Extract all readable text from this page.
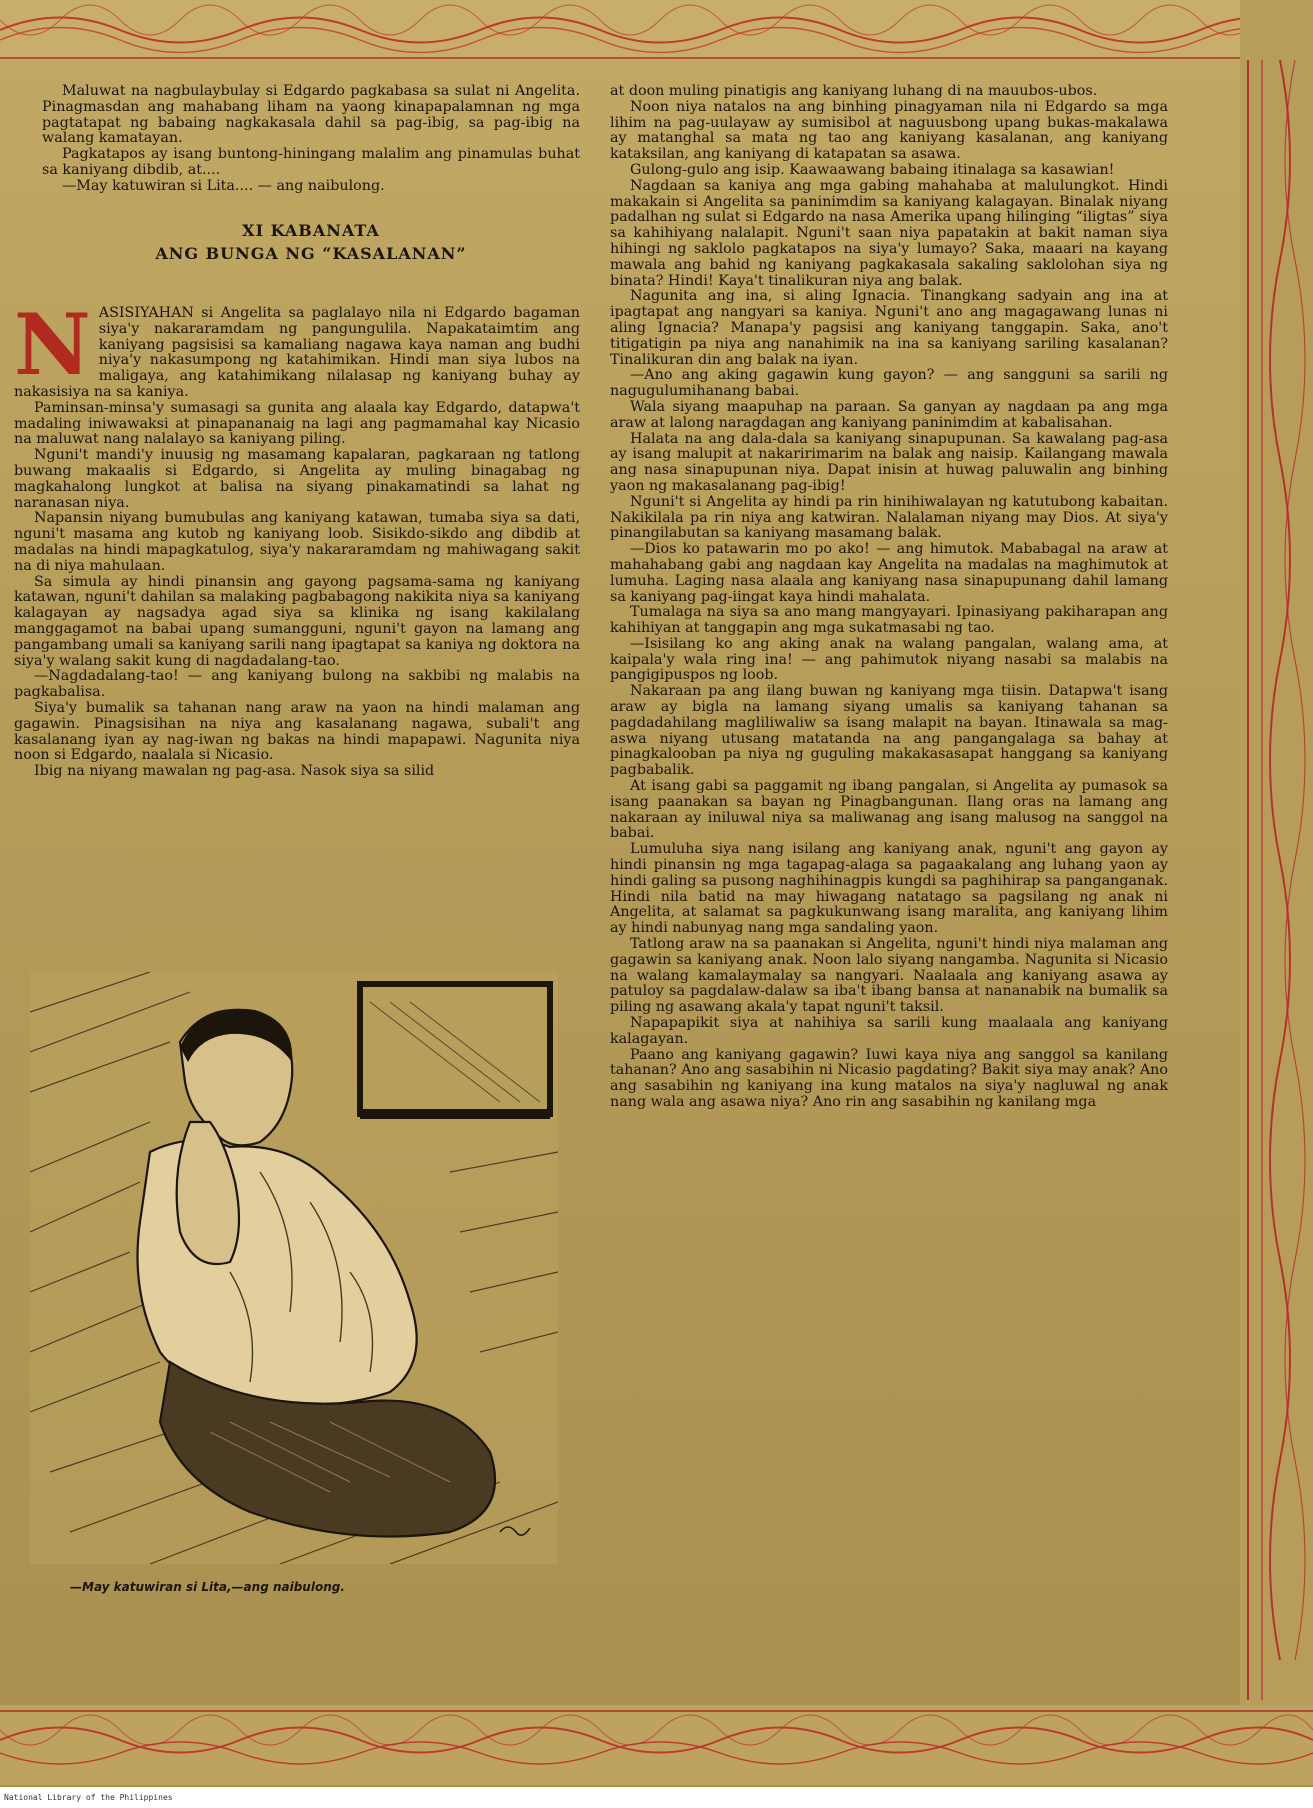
Maluwat na nagbulaybulay si Edgardo pagkabasa sa sulat ni Angelita. Pinagmasdan ang mahabang liham na yaong kinapapalamnan ng mga pagtatapat ng babaing nagkakasala dahil sa pag-ibig, sa pag-ibig na walang kamatayan.

Pagkatapos ay isang buntong-hiningang malalim ang pinamulas buhat sa kaniyang dibdib, at....

—May katuwiran si Lita.... — ang naibulong.

XI KABANATA
ANG BUNGA NG “KASALANAN”

NASISIYAHAN si Angelita sa paglalayo nila ni Edgardo bagaman siya'y nakararamdam ng pangungulila. Napakataimtim ang kaniyang pagsisisi sa kamaliang nagawa kaya naman ang budhi niya'y nakasumpong ng katahimikan. Hindi man siya lubos na maligaya, ang katahimikang nilalasap ng kaniyang buhay ay nakasisiya na sa kaniya.

Paminsan-minsa'y sumasagi sa gunita ang alaala kay Edgardo, datapwa't madaling iniwawaksi at pinapananaig na lagi ang pagmamahal kay Nicasio na maluwat nang nalalayo sa kaniyang piling.

Nguni't mandi'y inuusig ng masamang kapalaran, pagkaraan ng tatlong buwang makaalis si Edgardo, si Angelita ay muling binagabag ng magkahalong lungkot at balisa na siyang pinakamatindi sa lahat ng naranasan niya.

Napansin niyang bumubulas ang kaniyang katawan, tumaba siya sa dati, nguni't masama ang kutob ng kaniyang loob. Sisikdo-sikdo ang dibdib at madalas na hindi mapagkatulog, siya'y nakararamdam ng mahiwagang sakit na di niya mahulaan.

Sa simula ay hindi pinansin ang gayong pagsama-sama ng kaniyang katawan, nguni't dahilan sa malaking pagbabagong nakikita niya sa kaniyang kalagayan ay nagsadya agad siya sa klinika ng isang kakilalang manggagamot na babai upang sumangguni, nguni't gayon na lamang ang pangambang umali sa kaniyang sarili nang ipagtapat sa kaniya ng doktora na siya'y walang sakit kung di nagdadalang-tao.

—Nagdadalang-tao! — ang kaniyang bulong na sakbibi ng malabis na pagkabalisa.

Siya'y bumalik sa tahanan nang araw na yaon na hindi malaman ang gagawin. Pinagsisihan na niya ang kasalanang nagawa, subali't ang kasalanang iyan ay nag-iwan ng bakas na hindi mapapawi. Nagunita niya noon si Edgardo, naalala si Nicasio.

Ibig na niyang mawalan ng pag-asa. Nasok siya sa silid

—May katuwiran si Lita,—ang naibulong.

at doon muling pinatigis ang kaniyang luhang di na mauubos-ubos.

Noon niya natalos na ang binhing pinagyaman nila ni Edgardo sa mga lihim na pag-uulayaw ay sumisibol at naguusbong upang bukas-makalawa ay matanghal sa mata ng tao ang kaniyang kasalanan, ang kaniyang kataksilan, ang kaniyang di katapatan sa asawa.

Gulong-gulo ang isip. Kaawaawang babaing itinalaga sa kasawian!

Nagdaan sa kaniya ang mga gabing mahahaba at malulungkot. Hindi makakain si Angelita sa paninimdim sa kaniyang kalagayan. Binalak niyang padalhan ng sulat si Edgardo na nasa Amerika upang hilinging “iligtas” siya sa kahihiyang nalalapit. Nguni't saan niya papatakin at bakit naman siya hihingi ng saklolo pagkatapos na siya'y lumayo? Saka, maaari na kayang mawala ang bahid ng kaniyang pagkakasala sakaling saklolohan siya ng binata? Hindi! Kaya't tinalikuran niya ang balak.

Nagunita ang ina, si aling Ignacia. Tinangkang sadyain ang ina at ipagtapat ang nangyari sa kaniya. Nguni't ano ang magagawang lunas ni aling Ignacia? Manapa'y pagsisi ang kaniyang tanggapin. Saka, ano't titigatigin pa niya ang nanahimik na ina sa kaniyang sariling kasalanan? Tinalikuran din ang balak na iyan.

—Ano ang aking gagawin kung gayon? — ang sangguni sa sarili ng nagugulumihanang babai.

Wala siyang maapuhap na paraan. Sa ganyan ay nagdaan pa ang mga araw at lalong naragdagan ang kaniyang paninimdim at kabalisahan.

Halata na ang dala-dala sa kaniyang sinapupunan. Sa kawalang pag-asa ay isang malupit at nakaririmarim na balak ang naisip. Kailangang mawala ang nasa sinapupunan niya. Dapat inisin at huwag paluwalin ang binhing yaon ng makasalanang pag-ibig!

Nguni't si Angelita ay hindi pa rin hinihiwalayan ng katutubong kabaitan. Nakikilala pa rin niya ang katwiran. Nalalaman niyang may Dios. At siya'y pinangilabutan sa kaniyang masamang balak.

—Dios ko patawarin mo po ako! — ang himutok. Mababagal na araw at mahahabang gabi ang nagdaan kay Angelita na madalas na maghimutok at lumuha. Laging nasa alaala ang kaniyang nasa sinapupunang dahil lamang sa kaniyang pag-iingat kaya hindi mahalata.

Tumalaga na siya sa ano mang mangyayari. Ipinasiyang pakiharapan ang kahihiyan at tanggapin ang mga sukatmasabi ng tao.

—Isisilang ko ang aking anak na walang pangalan, walang ama, at kaipala'y wala ring ina! — ang pahimutok niyang nasabi sa malabis na pangigipuspos ng loob.

Nakaraan pa ang ilang buwan ng kaniyang mga tiisin. Datapwa't isang araw ay bigla na lamang siyang umalis sa kaniyang tahanan sa pagdadahilang magliliwaliw sa isang malapit na bayan. Itinawala sa mag-aswa niyang utusang matatanda na ang pangangalaga sa bahay at pinagkalooban pa niya ng guguling makakasasapat hanggang sa kaniyang pagbabalik.

At isang gabi sa paggamit ng ibang pangalan, si Angelita ay pumasok sa isang paanakan sa bayan ng Pinagbangunan. Ilang oras na lamang ang nakaraan ay iniluwal niya sa maliwanag ang isang malusog na sanggol na babai.

Lumuluha siya nang isilang ang kaniyang anak, nguni't ang gayon ay hindi pinansin ng mga tagapag-alaga sa pagaakalang ang luhang yaon ay hindi galing sa pusong naghihinagpis kungdi sa paghihirap sa panganganak. Hindi nila batid na may hiwagang natatago sa pagsilang ng anak ni Angelita, at salamat sa pagkukunwang isang maralita, ang kaniyang lihim ay hindi nabunyag nang mga sandaling yaon.

Tatlong araw na sa paanakan si Angelita, nguni't hindi niya malaman ang gagawin sa kaniyang anak. Noon lalo siyang nangamba. Nagunita si Nicasio na walang kamalaymalay sa nangyari. Naalaala ang kaniyang asawa ay patuloy sa pagdalaw-dalaw sa iba't ibang bansa at nananabik na bumalik sa piling ng asawang akala'y tapat nguni't taksil.

Napapapikit siya at nahihiya sa sarili kung maalaala ang kaniyang kalagayan.

Paano ang kaniyang gagawin? Iuwi kaya niya ang sanggol sa kanilang tahanan? Ano ang sasabihin ni Nicasio pagdating? Bakit siya may anak? Ano ang sasabihin ng kaniyang ina kung matalos na siya'y nagluwal ng anak nang wala ang asawa niya? Ano rin ang sasabihin ng kanilang mga

National Library of the Philippines
